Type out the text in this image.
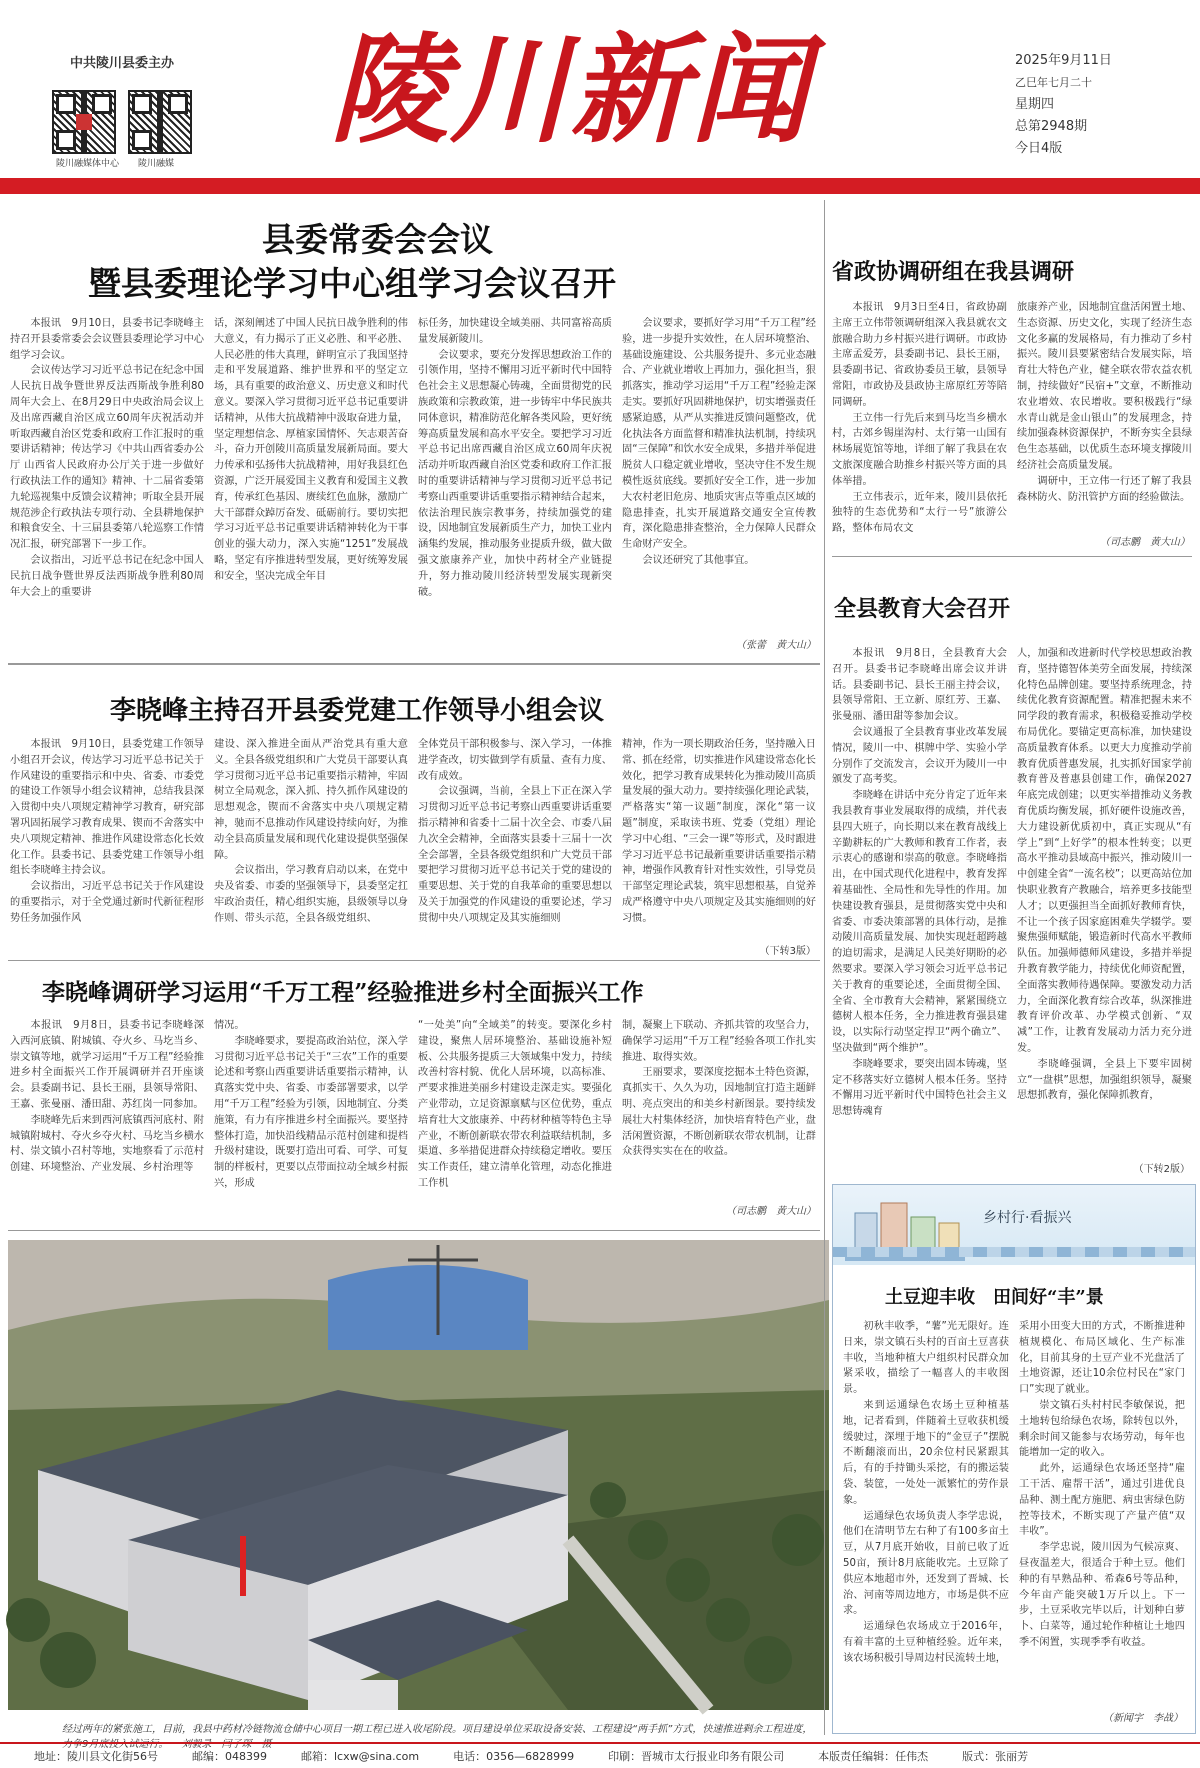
中共陵川县委主办
陵川融媒体中心 陵川融媒
陵川新闻	2025年9月11日
乙巳年七月二十
星期四
总第2948期
今日4版
县委常委会会议
暨县委理论学习中心组学习会议召开

本报讯　9月10日，县委书记李晓峰主持召开县委常委会会议暨县委理论学习中心组学习会议。

会议传达学习习近平总书记在纪念中国人民抗日战争暨世界反法西斯战争胜利80周年大会上、在8月29日中央政治局会议上及出席西藏自治区成立60周年庆祝活动并听取西藏自治区党委和政府工作汇报时的重要讲话精神；传达学习《中共山西省委办公厅 山西省人民政府办公厅关于进一步做好行政执法工作的通知》精神、十二届省委第九轮巡视集中反馈会议精神；听取全县开展规范涉企行政执法专项行动、全县耕地保护和粮食安全、十三届县委第八轮巡察工作情况汇报，研究部署下一步工作。

会议指出，习近平总书记在纪念中国人民抗日战争暨世界反法西斯战争胜利80周年大会上的重要讲

话，深刻阐述了中国人民抗日战争胜利的伟大意义，有力揭示了正义必胜、和平必胜、人民必胜的伟大真理，鲜明宣示了我国坚持走和平发展道路、维护世界和平的坚定立场，具有重要的政治意义、历史意义和时代意义。要深入学习贯彻习近平总书记重要讲话精神，从伟大抗战精神中汲取奋进力量，坚定理想信念、厚植家国情怀、矢志艰苦奋斗，奋力开创陵川高质量发展新局面。要大力传承和弘扬伟大抗战精神，用好我县红色资源，广泛开展爱国主义教育和爱国主义教育，传承红色基因、赓续红色血脉，激励广大干部群众踔厉奋发、砥砺前行。要切实把学习习近平总书记重要讲话精神转化为干事创业的强大动力，深入实施“1251”发展战略，坚定有序推进转型发展，更好统筹发展和安全，坚决完成全年目

标任务，加快建设全域美丽、共同富裕高质量发展新陵川。

会议要求，要充分发挥思想政治工作的引领作用，坚持不懈用习近平新时代中国特色社会主义思想凝心铸魂，全面贯彻党的民族政策和宗教政策，进一步铸牢中华民族共同体意识，精准防范化解各类风险，更好统筹高质量发展和高水平安全。要把学习习近平总书记出席西藏自治区成立60周年庆祝活动并听取西藏自治区党委和政府工作汇报时的重要讲话精神与学习贯彻习近平总书记考察山西重要讲话重要指示精神结合起来，依法治理民族宗教事务，持续加强党的建设，因地制宜发展新质生产力，加快工业内涵集约发展，推动服务业提质升级，做大做强文旅康养产业，加快中药材全产业链提升，努力推动陵川经济转型发展实现新突破。

会议要求，要抓好学习用“千万工程”经验，进一步提升实效性，在人居环境整治、基础设施建设、公共服务提升、多元业态融合、产业就业增收上再加力，强化担当，狠抓落实，推动学习运用“千万工程”经验走深走实。要抓好巩固耕地保护，切实增强责任感紧迫感，从严从实推进反馈问题整改，优化执法各方面监督和精准执法机制，持续巩固“三保障”和饮水安全成果，多措并举促进脱贫人口稳定就业增收，坚决守住不发生规模性返贫底线。要抓好安全工作，进一步加大农村老旧危房、地质灾害点等重点区域的隐患排查，扎实开展道路交通安全宣传教育，深化隐患排查整治，全力保障人民群众生命财产安全。

会议还研究了其他事宜。

（张蕾　黄大山）
李晓峰主持召开县委党建工作领导小组会议

本报讯　9月10日，县委党建工作领导小组召开会议，传达学习习近平总书记关于作风建设的重要指示和中央、省委、市委党的建设工作领导小组会议精神，总结我县深入贯彻中央八项规定精神学习教育，研究部署巩固拓展学习教育成果、锲而不舍落实中央八项规定精神、推进作风建设常态化长效化工作。县委书记、县委党建工作领导小组组长李晓峰主持会议。

会议指出，习近平总书记关于作风建设的重要指示，对于全党通过新时代新征程形势任务加强作风

建设、深入推进全面从严治党具有重大意义。全县各级党组织和广大党员干部要认真学习贯彻习近平总书记重要指示精神，牢固树立全局观念，深入抓、持久抓作风建设的思想观念，锲而不舍落实中央八项规定精神，驰而不息推动作风建设持续向好，为推动全县高质量发展和现代化建设提供坚强保障。

会议指出，学习教育启动以来，在党中央及省委、市委的坚强领导下，县委坚定扛牢政治责任，精心组织实施，县级领导以身作则、带头示范，全县各级党组织、

全体党员干部积极参与、深入学习，一体推进学查改，切实做到学有质量、查有力度、改有成效。

会议强调，当前，全县上下正在深入学习贯彻习近平总书记考察山西重要讲话重要指示精神和省委十二届十次全会、市委八届九次全会精神，全面落实县委十三届十一次全会部署，全县各级党组织和广大党员干部要把学习贯彻习近平总书记关于党的建设的重要思想、关于党的自我革命的重要思想以及关于加强党的作风建设的重要论述，学习贯彻中央八项规定及其实施细则

精神，作为一项长期政治任务，坚持融入日常、抓在经常，切实推进作风建设常态化长效化，把学习教育成果转化为推动陵川高质量发展的强大动力。要持续强化理论武装，严格落实“第一议题”制度，深化“第一议题”制度，采取读书班、党委（党组）理论学习中心组、“三会一课”等形式，及时跟进学习习近平总书记最新重要讲话重要指示精神，增强作风教育针对性实效性，引导党员干部坚定理论武装，筑牢思想根基，自觉养成严格遵守中央八项规定及其实施细则的好习惯。

（下转3版）
李晓峰调研学习运用“千万工程”经验推进乡村全面振兴工作

本报讯　9月8日，县委书记李晓峰深入西河底镇、附城镇、夺火乡、马圪当乡、崇文镇等地，就学习运用“千万工程”经验推进乡村全面振兴工作开展调研并召开座谈会。县委副书记、县长王丽，县领导常阳、王嘉、张曼丽、潘田甜、苏红岗一同参加。

李晓峰先后来到西河底镇西河底村、附城镇附城村、夺火乡夺火村、马圪当乡横水村、崇文镇小召村等地，实地察看了示范村创建、环境整治、产业发展、乡村治理等

情况。

李晓峰要求，要提高政治站位，深入学习贯彻习近平总书记关于“三农”工作的重要论述和考察山西重要讲话重要指示精神，认真落实党中央、省委、市委部署要求，以学用“千万工程”经验为引领，因地制宜、分类施策，有力有序推进乡村全面振兴。要坚持整体打造，加快沿线精品示范村创建和提档升级村建设，既要打造出可看、可学、可复制的样板村，更要以点带面拉动全域乡村振兴，形成

“一处美”向“全域美”的转变。要深化乡村建设，聚焦人居环境整治、基础设施补短板、公共服务提质三大领域集中发力，持续改善村容村貌、优化人居环境，以高标准、严要求推进美丽乡村建设走深走实。要强化产业带动，立足资源禀赋与区位优势，重点培育壮大文旅康养、中药材种植等特色主导产业，不断创新联农带农利益联结机制，多渠道、多举措促进群众持续稳定增收。要压实工作责任，建立清单化管理，动态化推进工作机

制，凝聚上下联动、齐抓共管的攻坚合力，确保学习运用“千万工程”经验各项工作扎实推进、取得实效。

王丽要求，要深度挖掘本土特色资源，真抓实干、久久为功，因地制宜打造主题鲜明、亮点突出的和美乡村新图景。要持续发展壮大村集体经济，加快培育特色产业，盘活闲置资源，不断创新联农带农机制，让群众获得实实在在的收益。

（司志鹏　黄大山）
经过两年的紧张施工，目前，我县中药材冷链物流仓储中心项目一期工程已进入收尾阶段。项目建设单位采取设备安装、工程建设“两手抓”方式，快速推进剩余工程进度，力争9月底投入试运行。 刘毅录　闫子琛　摄
省政协调研组在我县调研

本报讯　9月3日至4日，省政协副主席王立伟带领调研组深入我县就农文旅融合助力乡村振兴进行调研。市政协主席孟爱芳，县委副书记、县长王丽，县委副书记、省政协委员王敏，县领导常阳，市政协及县政协主席原红芳等陪同调研。

王立伟一行先后来到马圪当乡横水村，古郊乡锡崖沟村、太行第一山国有林场展览馆等地，详细了解了我县在农文旅深度融合助推乡村振兴等方面的具体举措。

王立伟表示，近年来，陵川县依托独特的生态优势和“太行一号”旅游公路，整体布局农文

旅康养产业，因地制宜盘活闲置土地、生态资源、历史文化，实现了经济生态文化多赢的发展格局，有力推动了乡村振兴。陵川县要紧密结合发展实际，培育壮大特色产业，健全联农带农益农机制，持续做好“民宿+”文章，不断推动农业增效、农民增收。要积极践行“绿水青山就是金山银山”的发展理念，持续加强森林资源保护，不断夯实全县绿色生态基础，以优质生态环境支撑陵川经济社会高质量发展。

调研中，王立伟一行还了解了我县森林防火、防汛管护方面的经验做法。

（司志鹏　黄大山）
全县教育大会召开

本报讯　9月8日，全县教育大会召开。县委书记李晓峰出席会议并讲话。县委副书记、县长王丽主持会议，县领导常阳、王立新、原红芳、王嘉、张曼丽、潘田甜等参加会议。

会议通报了全县教育事业改革发展情况，陵川一中、棋牌中学、实验小学分别作了交流发言，会议开为陵川一中颁发了高考奖。

李晓峰在讲话中充分肯定了近年来我县教育事业发展取得的成绩，并代表县四大班子，向长期以来在教育战线上辛勤耕耘的广大教师和教育工作者，表示衷心的感谢和崇高的敬意。李晓峰指出，在中国式现代化进程中，教育发挥着基础性、全局性和先导性的作用。加快建设教育强县，是贯彻落实党中央和省委、市委决策部署的具体行动，是推动陵川高质量发展、加快实现赶超跨越的迫切需求，是满足人民美好期盼的必然要求。要深入学习领会习近平总书记关于教育的重要论述，全面贯彻全国、全省、全市教育大会精神，紧紧围绕立德树人根本任务，全力推进教育强县建设，以实际行动坚定捍卫“两个确立”、坚决做到“两个维护”。

李晓峰要求，要突出固本铸魂，坚定不移落实好立德树人根本任务。坚持不懈用习近平新时代中国特色社会主义思想铸魂育

人，加强和改进新时代学校思想政治教育，坚持德智体美劳全面发展，持续深化特色品牌创建。要坚持系统理念，持续优化教育资源配置。精准把握未来不同学段的教育需求，积极稳妥推动学校布局优化。要锚定更高标准，加快建设高质量教育体系。以更大力度推动学前教育优质普惠发展，扎实抓好国家学前教育普及普惠县创建工作，确保2027年底完成创建；以更实举措推动义务教育优质均衡发展，抓好硬件设施改善，大力建设新优质初中，真正实现从“有学上”到“上好学”的根本性转变；以更高水平推动县域高中振兴，推动陵川一中创建全省“一流名校”；以更高站位加快职业教育产教融合，培养更多技能型人才；以更强担当全面抓好教师育快，不让一个孩子因家庭困难失学辍学。要聚焦强师赋能，锻造新时代高水平教师队伍。加强师德师风建设，多措并举提升教育教学能力，持续优化师资配置，全面落实教师待遇保障。要激发动力活力，全面深化教育综合改革，纵深推进教育评价改革、办学模式创新、“双减”工作，让教育发展动力活力充分迸发。

李晓峰强调，全县上下要牢固树立“一盘棋”思想，加强组织领导，凝聚思想抓教育，强化保障抓教育，

（下转2版）
乡村行·看振兴
土豆迎丰收　田间好“丰”景

初秋丰收季，“薯”光无限好。连日来，崇文镇石头村的百亩土豆喜获丰收，当地种植大户组织村民群众加紧采收，描绘了一幅喜人的丰收图景。

来到运通绿色农场土豆种植基地，记者看到，伴随着土豆收获机缓缓驶过，深埋于地下的“金豆子”摆脱不断翻滚而出，20余位村民紧跟其后，有的手持锄头采挖，有的搬运装袋、装筐，一处处一派繁忙的劳作景象。

运通绿色农场负责人李学忠说，他们在清明节左右种了有100多亩土豆，从7月底开始收，目前已收了近50亩，预计8月底能收完。土豆除了供应本地超市外，还发到了晋城、长治、河南等周边地方，市场是供不应求。

运通绿色农场成立于2016年，有着丰富的土豆种植经验。近年来，该农场积极引导周边村民流转土地，

采用小田变大田的方式，不断推进种植规模化、布局区域化、生产标准化，目前其身的土豆产业不光盘活了土地资源，还让10余位村民在“家门口”实现了就业。

崇文镇石头村村民李敏保说，把土地转包给绿色农场，除转包以外，剩余时间又能参与农场劳动，每年也能增加一定的收入。

此外，运通绿色农场还坚持“雇工干活、雇帮干活”，通过引进优良品种、测土配方施肥、病虫害绿色防控等技术，不断实现了产量产值“双丰收”。

李学忠说，陵川因为气候凉爽、昼夜温差大，很适合于种土豆。他们种的有早熟品种、希森6号等品种，今年亩产能突破1万斤以上。下一步，土豆采收完毕以后，计划种白萝卜、白菜等，通过轮作种植让土地四季不闲置，实现季季有收益。

（新闻字　李战）
地址：陵川县文化街56号	邮编：048399	邮箱：lcxw@sina.com	电话：0356—6828999	印刷：晋城市太行报业印务有限公司	本版责任编辑：任伟杰	版式：张丽芳
